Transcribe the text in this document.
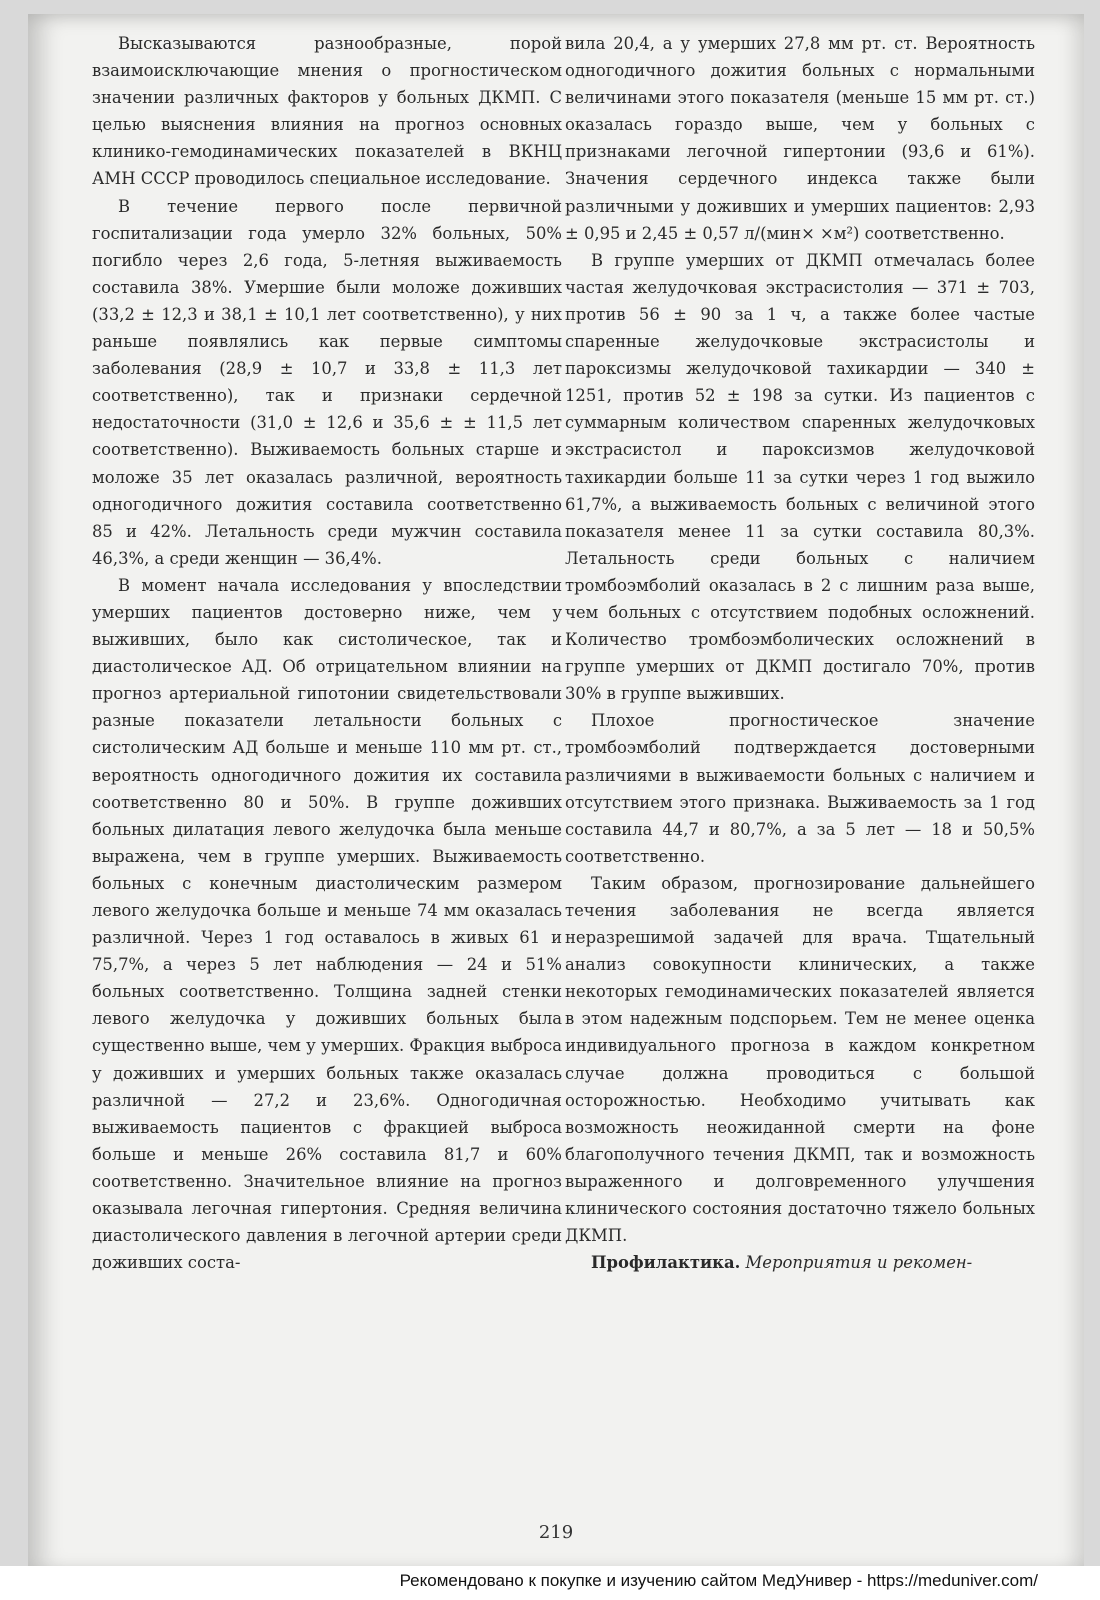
Высказываются разнообразные, порой взаимоисключающие мнения о прогностическом значении различных факторов у больных ДКМП. С целью выяснения влияния на прогноз основных клинико-гемодинамических показателей в ВКНЦ АМН СССР проводилось специальное исследование.

В течение первого после первичной госпитализации года умерло 32% больных, 50% погибло через 2,6 года, 5-летняя выживаемость составила 38%. Умершие были моложе доживших (33,2 ± 12,3 и 38,1 ± 10,1 лет соответственно), у них раньше появлялись как первые симптомы заболевания (28,9 ± 10,7 и 33,8 ± 11,3 лет соответственно), так и признаки сердечной недостаточности (31,0 ± 12,6 и 35,6 ± ± 11,5 лет соответственно). Выживаемость больных старше и моложе 35 лет оказалась различной, вероятность одногодичного дожития составила соответственно 85 и 42%. Летальность среди мужчин составила 46,3%, а среди женщин — 36,4%.

В момент начала исследования у впоследствии умерших пациентов достоверно ниже, чем у выживших, было как систолическое, так и диастолическое АД. Об отрицательном влиянии на прогноз артериальной гипотонии свидетельствовали разные показатели летальности больных с систолическим АД больше и меньше 110 мм рт. ст., вероятность одногодичного дожития их составила соответственно 80 и 50%. В группе доживших больных дилатация левого желудочка была меньше выражена, чем в группе умерших. Выживаемость больных с конечным диастолическим размером левого желудочка больше и меньше 74 мм оказалась различной. Через 1 год оставалось в живых 61 и 75,7%, а через 5 лет наблюдения — 24 и 51% больных соответственно. Толщина задней стенки левого желудочка у доживших больных была существенно выше, чем у умерших. Фракция выброса у доживших и умерших больных также оказалась различной — 27,2 и 23,6%. Одногодичная выживаемость пациентов с фракцией выброса больше и меньше 26% составила 81,7 и 60% соответственно. Значительное влияние на прогноз оказывала легочная гипертония. Средняя величина диастолического давления в легочной артерии среди доживших соста-

вила 20,4, а у умерших 27,8 мм рт. ст. Вероятность одногодичного дожития больных с нормальными величинами этого показателя (меньше 15 мм рт. ст.) оказалась гораздо выше, чем у больных с признаками легочной гипертонии (93,6 и 61%). Значения сердечного индекса также были различными у доживших и умерших пациентов: 2,93 ± 0,95 и 2,45 ± 0,57 л/(мин× ×м²) соответственно.

В группе умерших от ДКМП отмечалась более частая желудочковая экстрасистолия — 371 ± 703, против 56 ± 90 за 1 ч, а также более частые спаренные желудочковые экстрасистолы и пароксизмы желудочковой тахикардии — 340 ± 1251, против 52 ± 198 за сутки. Из пациентов с суммарным количеством спаренных желудочковых экстрасистол и пароксизмов желудочковой тахикардии больше 11 за сутки через 1 год выжило 61,7%, а выживаемость больных с величиной этого показателя менее 11 за сутки составила 80,3%. Летальность среди больных с наличием тромбоэмболий оказалась в 2 с лишним раза выше, чем больных с отсутствием подобных осложнений. Количество тромбоэмболических осложнений в группе умерших от ДКМП достигало 70%, против 30% в группе выживших.

Плохое прогностическое значение тромбоэмболий подтверждается достоверными различиями в выживаемости больных с наличием и отсутствием этого признака. Выживаемость за 1 год составила 44,7 и 80,7%, а за 5 лет — 18 и 50,5% соответственно.

Таким образом, прогнозирование дальнейшего течения заболевания не всегда является неразрешимой задачей для врача. Тщательный анализ совокупности клинических, а также некоторых гемодинамических показателей является в этом надежным подспорьем. Тем не менее оценка индивидуального прогноза в каждом конкретном случае должна проводиться с большой осторожностью. Необходимо учитывать как возможность неожиданной смерти на фоне благополучного течения ДКМП, так и возможность выраженного и долговременного улучшения клинического состояния достаточно тяжело больных ДКМП.

Профилактика. Мероприятия и рекомен-

219
Рекомендовано к покупке и изучению сайтом МедУнивер - https://meduniver.com/
